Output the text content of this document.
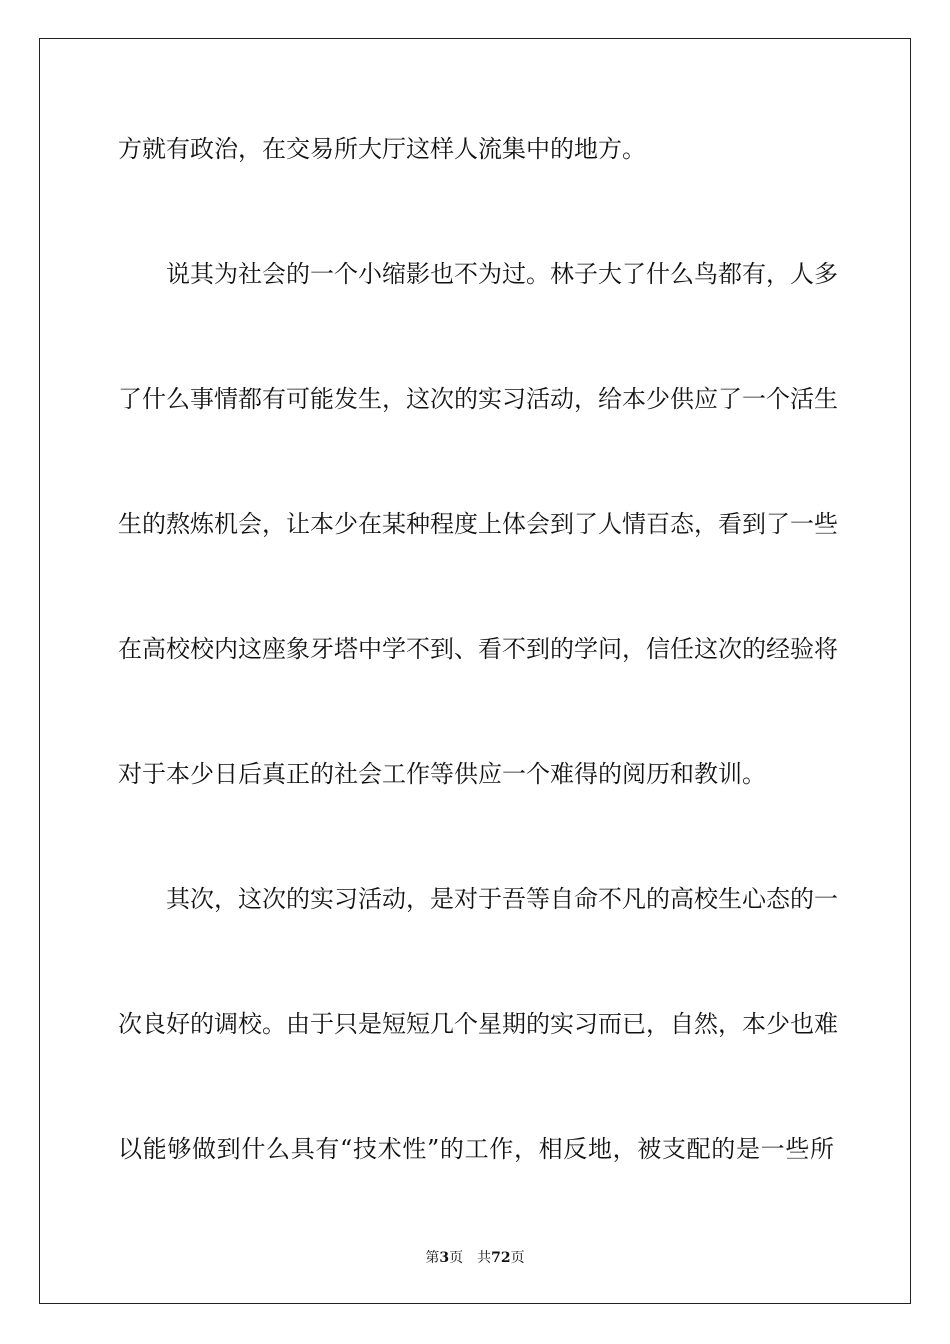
方就有政治，在交易所大厅这样人流集中的地方。
说其为社会的一个小缩影也不为过。林子大了什么鸟都有，人多
了什么事情都有可能发生，这次的实习活动，给本少供应了一个活生
生的熬炼机会，让本少在某种程度上体会到了人情百态，看到了一些
在高校校内这座象牙塔中学不到、看不到的学问，信任这次的经验将
对于本少日后真正的社会工作等供应一个难得的阅历和教训。
其次，这次的实习活动，是对于吾等自命不凡的高校生心态的一
次良好的调校。由于只是短短几个星期的实习而已，自然，本少也难
以能够做到什么具有“技术性”的工作，相反地，被支配的是一些所
第3页 共72页
